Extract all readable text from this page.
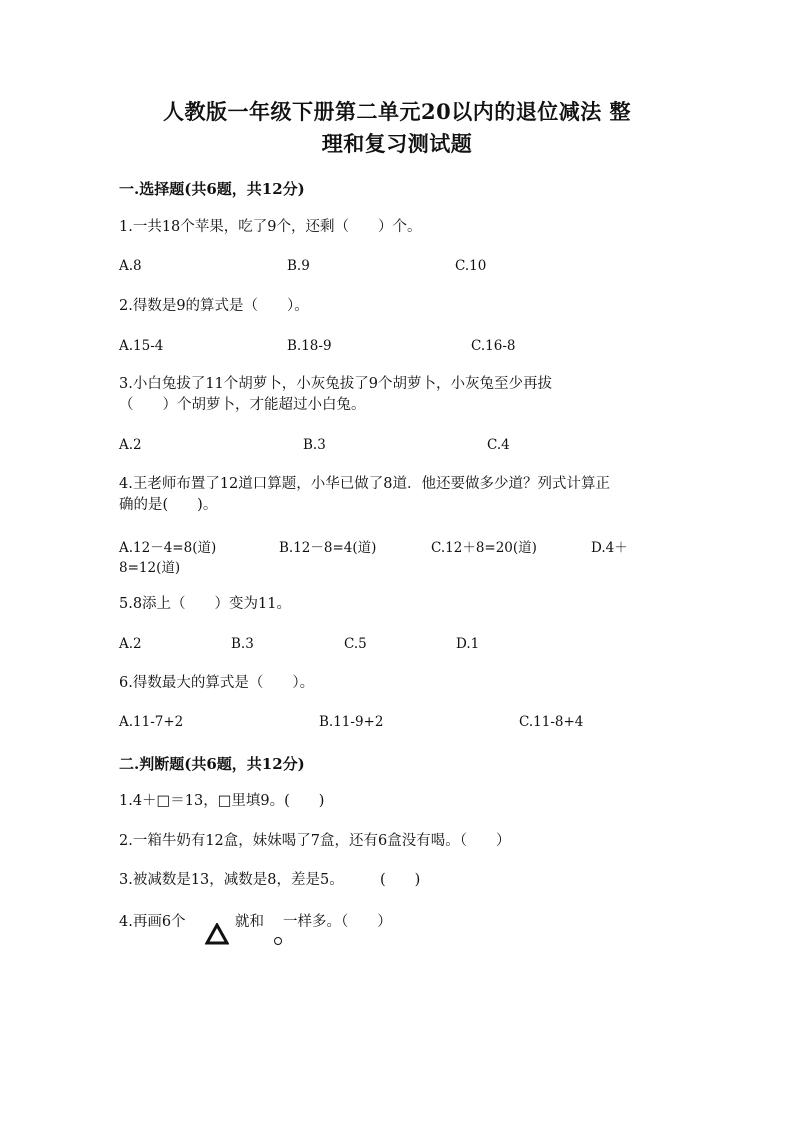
人教版一年级下册第二单元20以内的退位减法 整
理和复习测试题
一.选择题(共6题，共12分)
1.一共18个苹果，吃了9个，还剩（　　）个。
A.8	B.9	C.10
2.得数是9的算式是（　　）。
A.15-4	B.18-9	C.16-8
3.小白兔拔了11个胡萝卜，小灰兔拔了9个胡萝卜，小灰兔至少再拔
（　　）个胡萝卜，才能超过小白兔。
A.2	B.3	C.4
4.王老师布置了12道口算题，小华已做了8道．他还要做多少道？列式计算正
确的是(　　)。
A.12－4=8(道)	B.12－8=4(道)	C.12＋8=20(道)	D.4＋
8=12(道)
5.8添上（　　）变为11。
A.2	B.3	C.5	D.1
6.得数最大的算式是（　　）。
A.11-7+2	B.11-9+2	C.11-8+4
二.判断题(共6题，共12分)
1.4＋□＝13，□里填9。(　　)
2.一箱牛奶有12盒，妹妹喝了7盒，还有6盒没有喝。（　　）
3.被减数是13，减数是8，差是5。　　　(　　)
4.再画6个	就和 一样多。（　　）
